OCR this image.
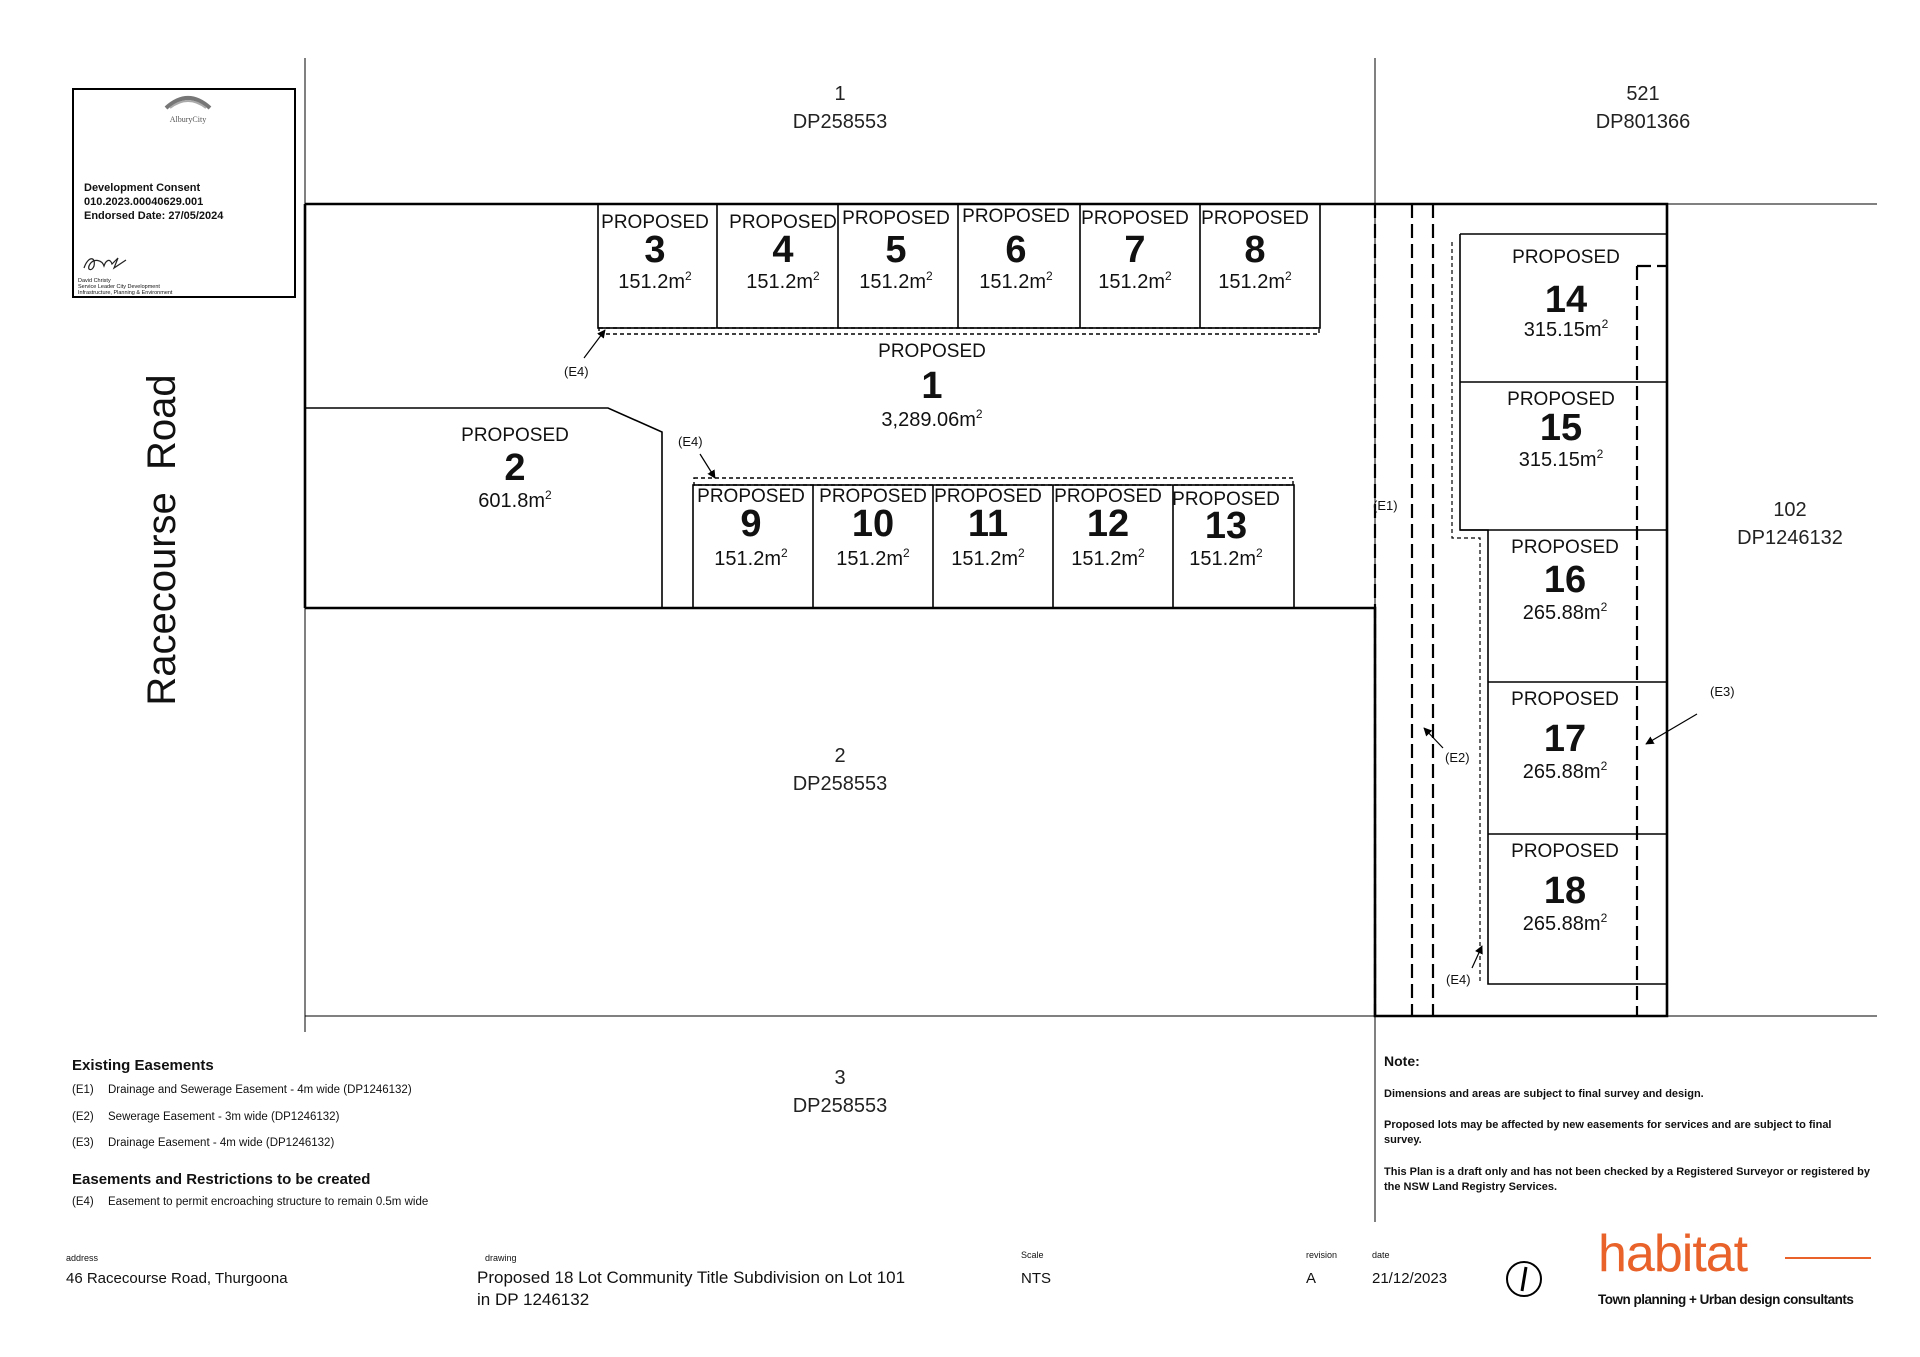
1
DP258553
521
DP801366
102
DP1246132
2
DP258553
3
DP258553
Racecourse  Road
(E4)
(E4)
(E1)
(E2)
(E3)
(E4)
PROPOSED
1
$3,289.06m^2$
PROPOSED
2
$601.8m^2$
PROPOSED
3
$151.2m^2$
PROPOSED
4
$151.2m^2$
PROPOSED
5
$151.2m^2$
PROPOSED
6
$151.2m^2$
PROPOSED
7
$151.2m^2$
PROPOSED
8
$151.2m^2$
PROPOSED
9
$151.2m^2$
PROPOSED
10
$151.2m^2$
PROPOSED
11
$151.2m^2$
PROPOSED
12
$151.2m^2$
PROPOSED
13
$151.2m^2$
PROPOSED
14
$315.15m^2$
PROPOSED
15
$315.15m^2$
PROPOSED
16
$265.88m^2$
PROPOSED
17
$265.88m^2$
PROPOSED
18
$265.88m^2$
AlburyCity
Development Consent
010.2023.00040629.001
Endorsed Date: 27/05/2024
David Christy
Service Leader City Development
Infrastructure, Planning & Environment
Existing Easements
(E1) Drainage and Sewerage Easement - 4m wide (DP1246132)
(E2) Sewerage Easement - 3m wide (DP1246132)
(E3) Drainage Easement - 4m wide (DP1246132)
Easements and Restrictions to be created
(E4) Easement to permit encroaching structure to remain 0.5m wide
Note:
Dimensions and areas are subject to final survey and design.
Proposed lots may be affected by new easements for services and are subject to final survey.
This Plan is a draft only and has not been checked by a Registered Surveyor or registered by the NSW Land Registry Services.
address
46 Racecourse Road, Thurgoona
drawing
Proposed 18 Lot Community Title Subdivision on Lot 101
in DP 1246132
Scale
NTS
revision
A
date
21/12/2023	habitat
Town planning + Urban design consultants
